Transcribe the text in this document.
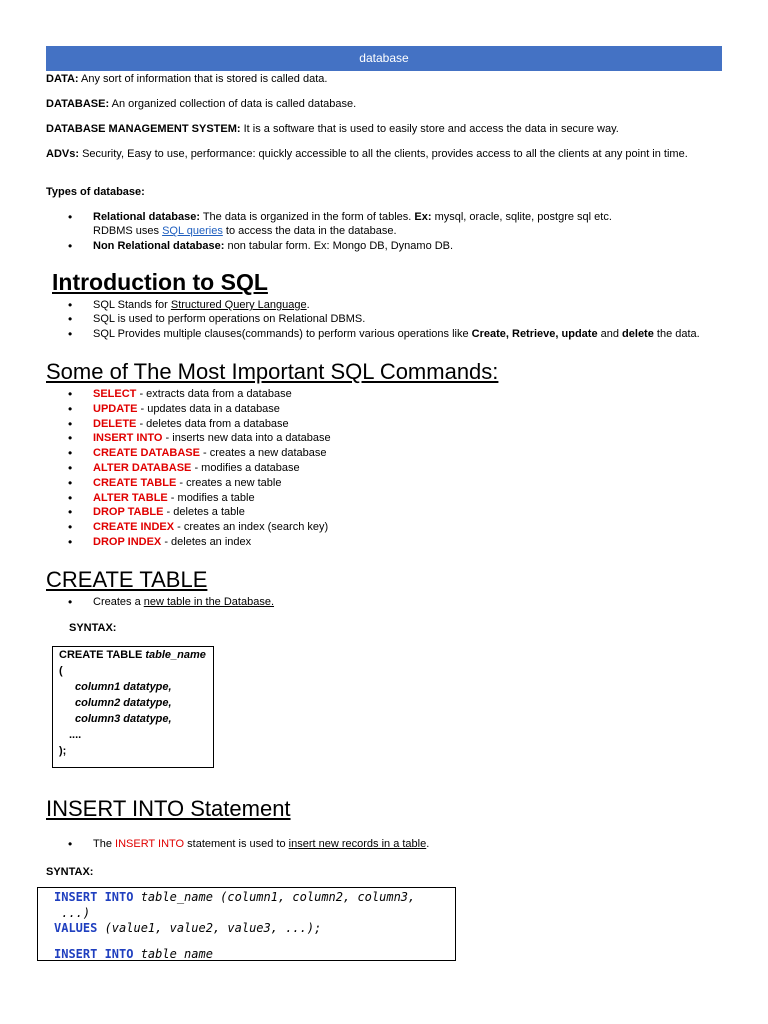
database
DATA: Any sort of information that is stored is called data.
DATABASE: An organized collection of data is called database.
DATABASE MANAGEMENT SYSTEM: It is a software that is used to easily store and access the data in secure way.
ADVs: Security, Easy to use, performance: quickly accessible to all the clients, provides access to all the clients at any point in time.
Types of database:
• Relational database: The data is organized in the form of tables. Ex: mysql, oracle, sqlite, postgre sql etc.
RDBMS uses SQL queries to access the data in the database.
• Non Relational database: non tabular form. Ex: Mongo DB, Dynamo DB.
Introduction to SQL
• SQL Stands for Structured Query Language.
• SQL is used to perform operations on Relational DBMS.
• SQL Provides multiple clauses(commands) to perform various operations like Create, Retrieve, update and delete the data.
Some of The Most Important SQL Commands:
• SELECT - extracts data from a database
• UPDATE - updates data in a database
• DELETE - deletes data from a database
• INSERT INTO - inserts new data into a database
• CREATE DATABASE - creates a new database
• ALTER DATABASE - modifies a database
• CREATE TABLE - creates a new table
• ALTER TABLE - modifies a table
• DROP TABLE - deletes a table
• CREATE INDEX - creates an index (search key)
• DROP INDEX - deletes an index
CREATE TABLE
• Creates a new table in the Database.
SYNTAX:
CREATE TABLE table_name
(
column1 datatype,
column2 datatype,
column3 datatype,
....
);
INSERT INTO Statement
• The INSERT INTO statement is used to insert new records in a table.
SYNTAX:
INSERT INTO table_name (column1, column2, column3,
...)
VALUES (value1, value2, value3, ...);
INSERT INTO table_name
